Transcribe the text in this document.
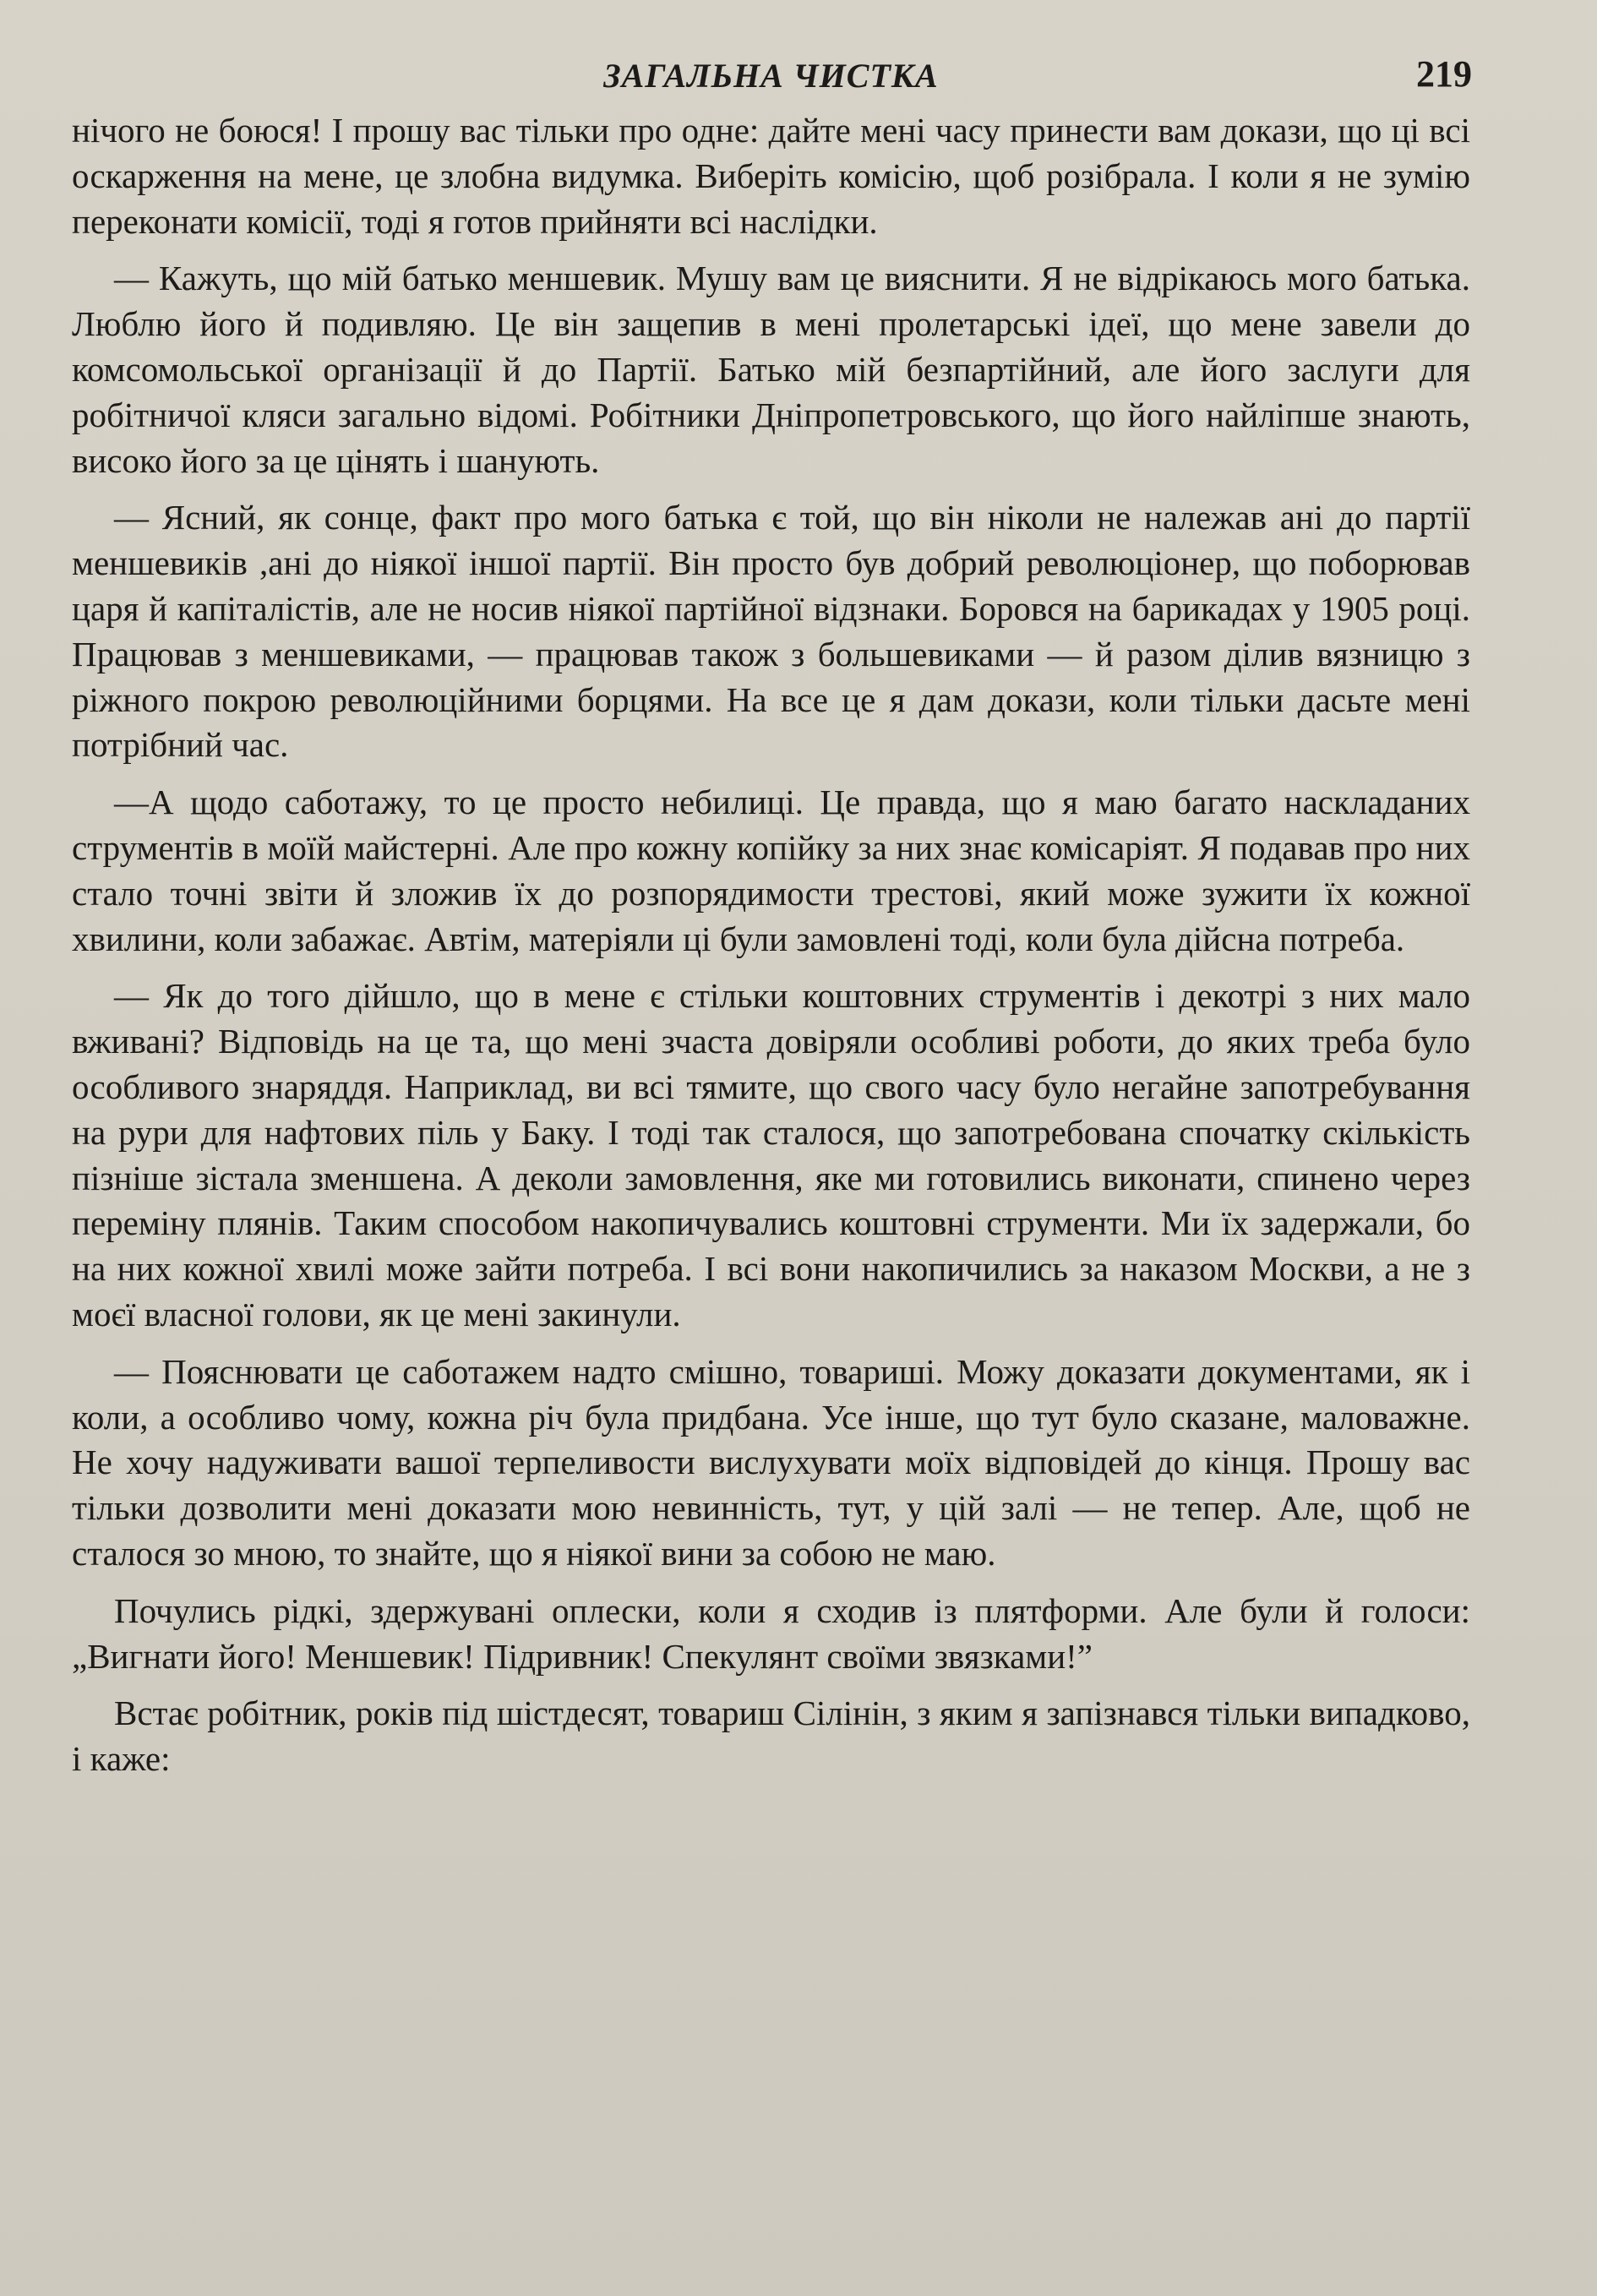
ЗАГАЛЬНА ЧИСТКА	219

нічого не боюся! І прошу вас тільки про одне: дайте мені часу принести вам докази, що ці всі оскарження на мене, це злобна видумка. Виберіть комісію, щоб розібрала. І коли я не зумію переконати комісії, тоді я готов прийняти всі наслідки.

— Кажуть, що мій батько меншевик. Мушу вам це вияснити. Я не відрікаюсь мого батька. Люблю його й подивляю. Це він защепив в мені пролетарські ідеї, що мене завели до комсомольської організації й до Партії. Батько мій безпартійний, але його заслуги для робітничої кляси загально відомі. Робітники Дніпропетровського, що його найліпше знають, високо його за це цінять і шанують.

— Ясний, як сонце, факт про мого батька є той, що він ніколи не належав ані до партії меншевиків ,ані до ніякої іншої партії. Він просто був добрий революціонер, що поборював царя й капіталістів, але не носив ніякої партійної відзнаки. Боровся на барикадах у 1905 році. Працював з меншевиками, — працював також з большевиками — й разом ділив вязницю з ріжного покрою революційними борцями. На все це я дам докази, коли тільки дасьте мені потрібний час.

—А щодо саботажу, то це просто небилиці. Це правда, що я маю багато наскладаних струментів в моїй майстерні. Але про кожну копійку за них знає комісаріят. Я подавав про них стало точні звіти й зложив їх до розпорядимости трестові, який може зужити їх кожної хвилини, коли забажає. Автім, матеріяли ці були замовлені тоді, коли була дійсна потреба.

— Як до того дійшло, що в мене є стільки коштовних струментів і декотрі з них мало вживані? Відповідь на це та, що мені зчаста довіряли особливі роботи, до яких треба було особливого знаряддя. Наприклад, ви всі тямите, що свого часу було негайне запотребування на рури для нафтових піль у Баку. І тоді так сталося, що запотребована спочатку скількість пізніше зістала зменшена. А деколи замовлення, яке ми готовились виконати, спинено через переміну плянів. Таким способом накопичувались коштовні струменти. Ми їх задержали, бо на них кожної хвилі може зайти потреба. І всі вони накопичились за наказом Москви, а не з моєї власної голови, як це мені закинули.

— Пояснювати це саботажем надто смішно, товариші. Можу доказати документами, як і коли, а особливо чому, кожна річ була придбана. Усе інше, що тут було сказане, маловажне. Не хочу надуживати вашої терпеливости вислухувати моїх відповідей до кінця. Прошу вас тільки дозволити мені доказати мою невинність, тут, у цій залі — не тепер. Але, щоб не сталося зо мною, то знайте, що я ніякої вини за собою не маю.

Почулись рідкі, здержувані оплески, коли я сходив із плятформи. Але були й голоси: „Вигнати його! Меншевик! Підривник! Спекулянт своїми звязками!”

Встає робітник, років під шістдесят, товариш Сілінін, з яким я запізнався тільки випадково, і каже:
